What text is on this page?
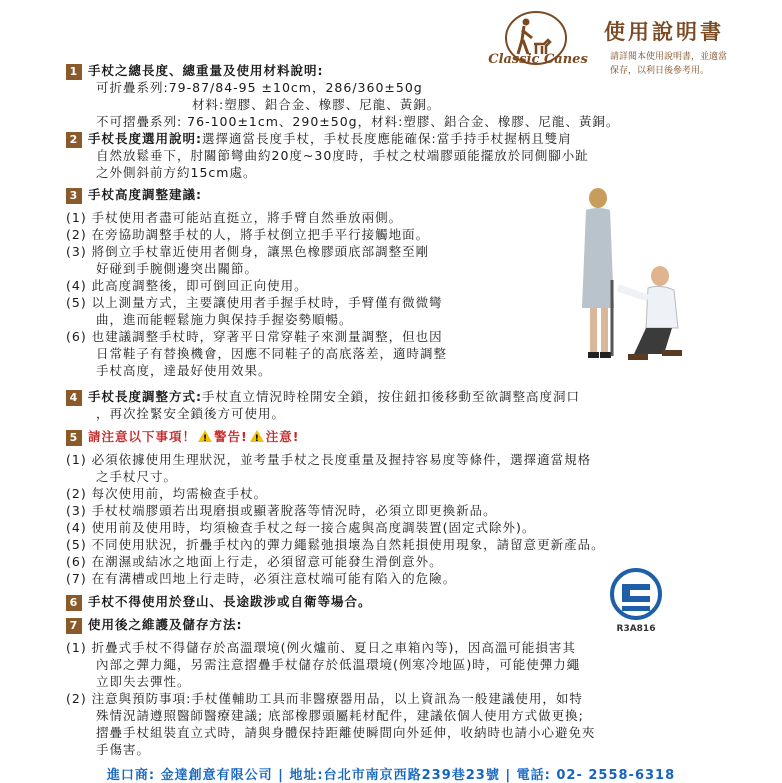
Classic Canes
使用說明書
請詳閱本使用說明書，並適當
保存，以利日後參考用。
1 手杖之總長度、總重量及使用材料說明:
可折疊系列:79-87/84-95 ±10cm，286/360±50g
材料:塑膠、鋁合金、橡膠、尼龍、黃銅。
不可摺疊系列: 76-100±1cm、290±50g，材料:塑膠、鋁合金、橡膠、尼龍、黃銅。
2 手杖長度選用說明:選擇適當長度手杖，手杖長度應能確保:當手持手杖握柄且雙肩
自然放鬆垂下，肘關節彎曲約20度~30度時，手杖之杖端膠頭能擺放於同側腳小趾
之外側斜前方約15cm處。
3 手杖高度調整建議:
(1) 手杖使用者盡可能站直挺立，將手臂自然垂放兩側。
(2) 在旁協助調整手杖的人，將手杖倒立把手平行接觸地面。
(3) 將倒立手杖靠近使用者側身，讓黑色橡膠頭底部調整至剛
好碰到手腕側邊突出關節。
(4) 此高度調整後，即可倒回正向使用。
(5) 以上測量方式，主要讓使用者手握手杖時，手臂僅有微微彎
曲，進而能輕鬆施力與保持手握姿勢順暢。
(6) 也建議調整手杖時，穿著平日常穿鞋子來測量調整，但也因
日常鞋子有替換機會，因應不同鞋子的高底落差，適時調整
手杖高度，達最好使用效果。
4 手杖長度調整方式:手杖直立情況時栓開安全鎖，按住鈕扣後移動至欲調整高度洞口
，再次拴緊安全鎖後方可使用。
5 請注意以下事項！ ! 警告! ! 注意!
(1) 必須依據使用生理狀況，並考量手杖之長度重量及握持容易度等條件，選擇適當規格
之手杖尺寸。
(2) 每次使用前，均需檢查手杖。
(3) 手杖杖端膠頭若出現磨損或顯著脫落等情況時，必須立即更換新品。
(4) 使用前及使用時，均須檢查手杖之每一接合處與高度調裝置(固定式除外)。
(5) 不同使用狀況，折疊手杖內的彈力繩鬆弛損壞為自然耗損使用現象，請留意更新產品。
(6) 在潮濕或結冰之地面上行走，必須留意可能發生滑倒意外。
(7) 在有溝槽或凹地上行走時，必須注意杖端可能有陷入的危險。
R3A816
6 手杖不得使用於登山、長途跋涉或自衛等場合。
7 使用後之維護及儲存方法:
(1) 折疊式手杖不得儲存於高溫環境(例火爐前、夏日之車箱內等)，因高溫可能損害其
內部之彈力繩，另需注意摺疊手杖儲存於低溫環境(例寒冷地區)時，可能使彈力繩
立即失去彈性。
(2) 注意與預防事項:手杖僅輔助工具而非醫療器用品，以上資訊為一般建議使用，如特
殊情況請遵照醫師醫療建議; 底部橡膠頭屬耗材配件，建議依個人使用方式做更換;
摺疊手杖組裝直立式時，請與身體保持距離使瞬間向外延伸，收納時也請小心避免夾
手傷害。
進口商: 金達創意有限公司 | 地址:台北市南京西路239巷23號 | 電話: 02- 2558-6318
